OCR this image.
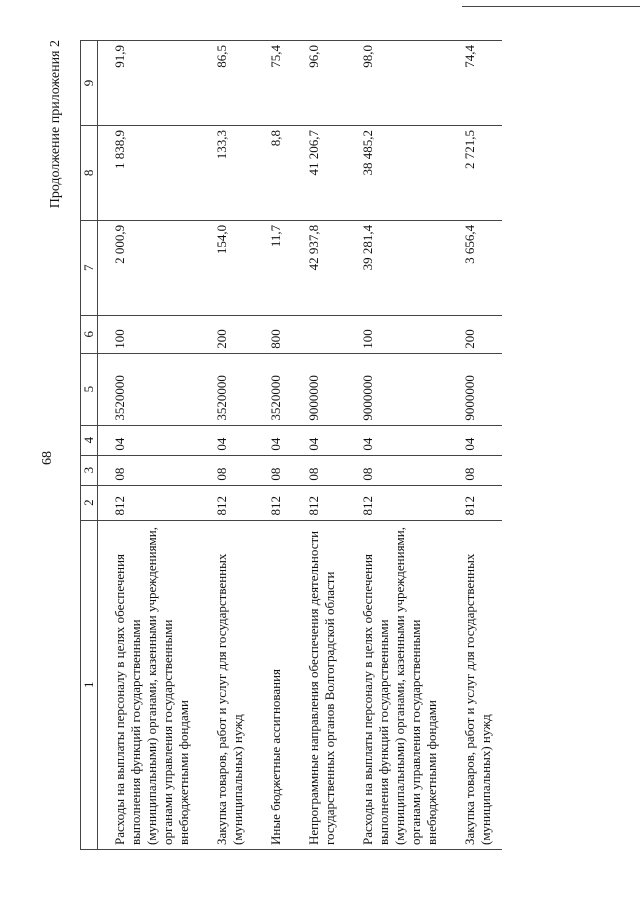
68
Продолжение приложения 2
1	2	3	4	5	6	7	8	9
Расходы на выплаты персоналу в целях обеспечения выполнения функций государственными (муниципальными) органами, казенными учреждениями, органами управления государственными внебюджетными фондами	812	08	04	3520000	100	2 000,9	1 838,9	91,9
Закупка товаров, работ и услуг для государственных (муниципальных) нужд	812	08	04	3520000	200	154,0	133,3	86,5
Иные бюджетные ассигнования	812	08	04	3520000	800	11,7	8,8	75,4
Непрограммные направления обеспечения деятельности государственных органов Волгоградской области	812	08	04	9000000		42 937,8	41 206,7	96,0
Расходы на выплаты персоналу в целях обеспечения выполнения функций государственными (муниципальными) органами, казенными учреждениями, органами управления государственными внебюджетными фондами	812	08	04	9000000	100	39 281,4	38 485,2	98,0
Закупка товаров, работ и услуг для государственных (муниципальных) нужд	812	08	04	9000000	200	3 656,4	2 721,5	74,4
